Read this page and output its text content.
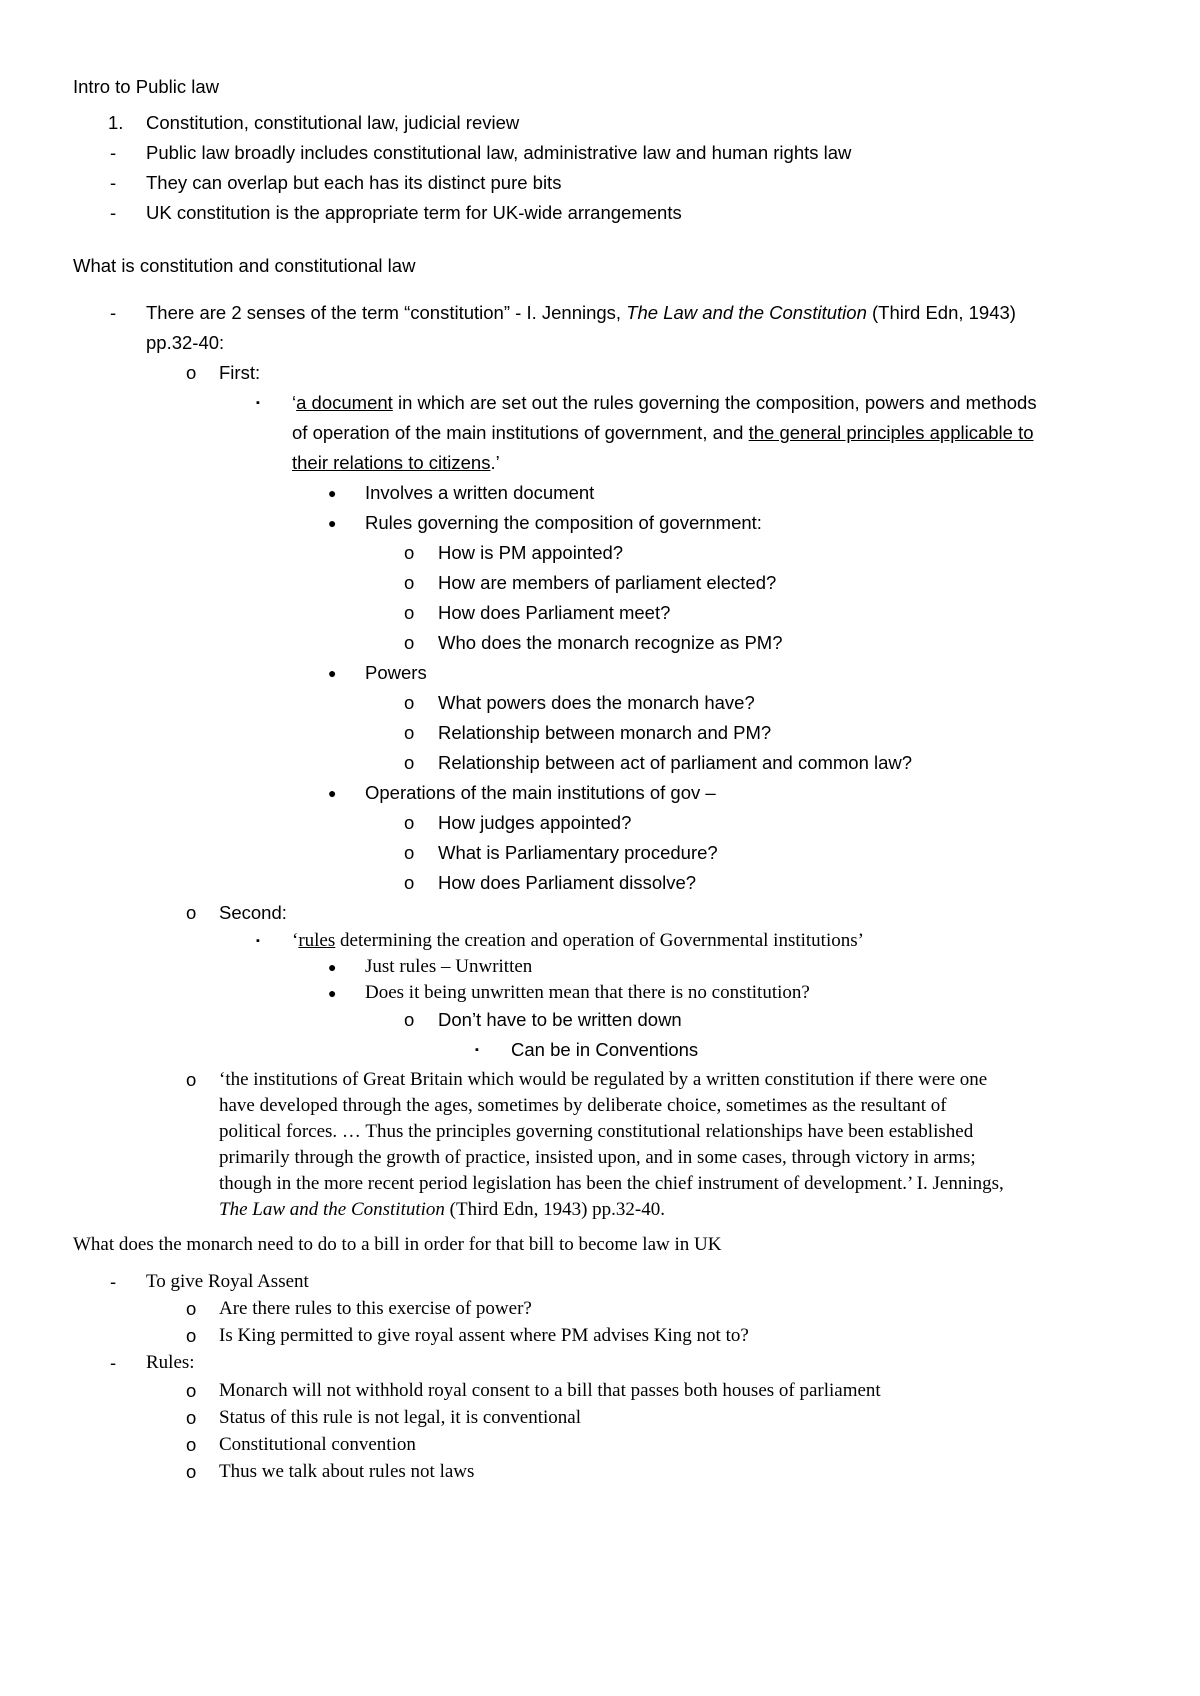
Intro to Public law
1. Constitution, constitutional law, judicial review
- Public law broadly includes constitutional law, administrative law and human rights law
- They can overlap but each has its distinct pure bits
- UK constitution is the appropriate term for UK-wide arrangements
What is constitution and constitutional law
- There are 2 senses of the term “constitution” - I. Jennings, The Law and the Constitution (Third Edn, 1943)
pp.32-40:
o First:
▪ ‘a document in which are set out the rules governing the composition, powers and methods
of operation of the main institutions of government, and the general principles applicable to
their relations to citizens.’
● Involves a written document
● Rules governing the composition of government:
o How is PM appointed?
o How are members of parliament elected?
o How does Parliament meet?
o Who does the monarch recognize as PM?
● Powers
o What powers does the monarch have?
o Relationship between monarch and PM?
o Relationship between act of parliament and common law?
● Operations of the main institutions of gov –
o How judges appointed?
o What is Parliamentary procedure?
o How does Parliament dissolve?
o Second:
▪ ‘rules determining the creation and operation of Governmental institutions’
● Just rules – Unwritten
● Does it being unwritten mean that there is no constitution?
o Don’t have to be written down
▪ Can be in Conventions
o ‘the institutions of Great Britain which would be regulated by a written constitution if there were one
have developed through the ages, sometimes by deliberate choice, sometimes as the resultant of
political forces. … Thus the principles governing constitutional relationships have been established
primarily through the growth of practice, insisted upon, and in some cases, through victory in arms;
though in the more recent period legislation has been the chief instrument of development.’ I. Jennings,
The Law and the Constitution (Third Edn, 1943) pp.32-40.
What does the monarch need to do to a bill in order for that bill to become law in UK
- To give Royal Assent
o Are there rules to this exercise of power?
o Is King permitted to give royal assent where PM advises King not to?
- Rules:
o Monarch will not withhold royal consent to a bill that passes both houses of parliament
o Status of this rule is not legal, it is conventional
o Constitutional convention
o Thus we talk about rules not laws
